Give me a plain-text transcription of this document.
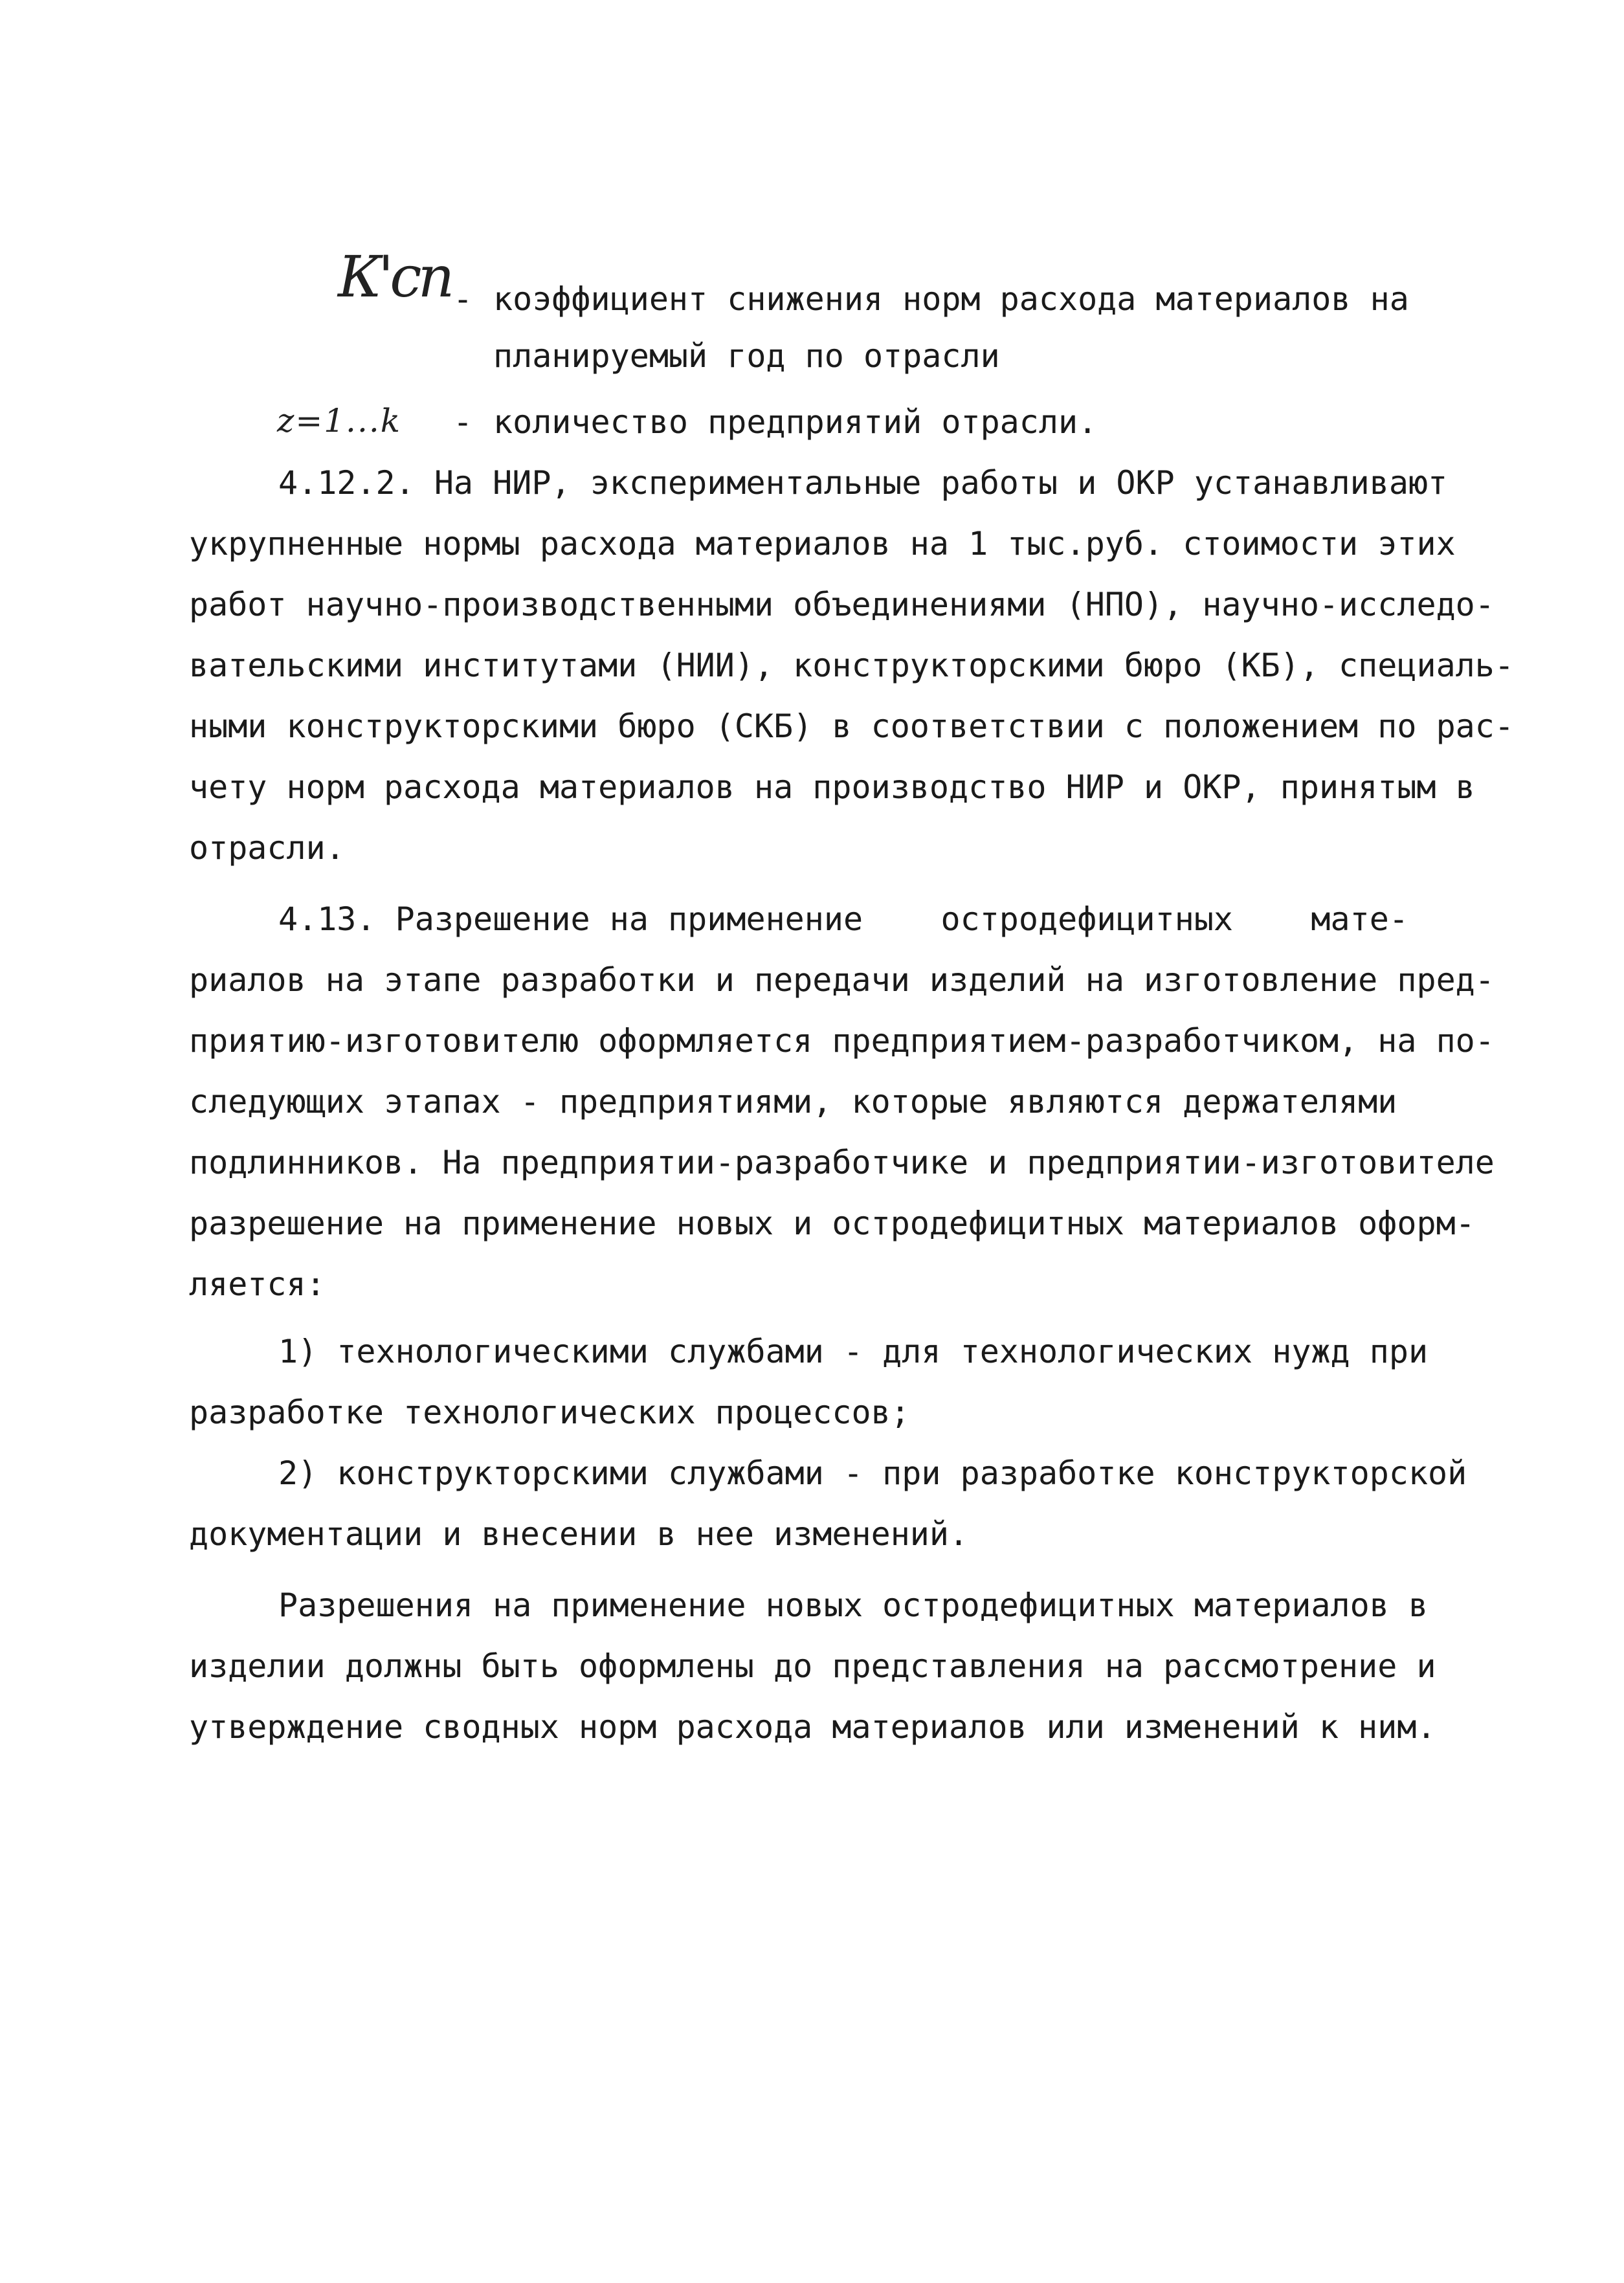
К'сп - коэффициент снижения норм расхода материалов на
планируемый год по отрасли
z=1...k - количество предприятий отрасли.
4.12.2. На НИР, экспериментальные работы и ОКР устанавливают
укрупненные нормы расхода материалов на 1 тыс.руб. стоимости этих
работ научно-производственными объединениями (НПО), научно-исследо-
вательскими институтами (НИИ), конструкторскими бюро (КБ), специаль-
ными конструкторскими бюро (СКБ) в соответствии с положением по рас-
чету норм расхода материалов на производство НИР и ОКР, принятым в
отрасли.
4.13. Разрешение на применение    остродефицитных    мате-
риалов на этапе разработки и передачи изделий на изготовление пред-
приятию-изготовителю оформляется предприятием-разработчиком, на по-
следующих этапах - предприятиями, которые являются держателями
подлинников. На предприятии-разработчике и предприятии-изготовителе
разрешение на применение новых и остродефицитных материалов оформ-
ляется:
1) технологическими службами - для технологических нужд при
разработке технологических процессов;
2) конструкторскими службами - при разработке конструкторской
документации и внесении в нее изменений.
Разрешения на применение новых остродефицитных материалов в
изделии должны быть оформлены до представления на рассмотрение и
утверждение сводных норм расхода материалов или изменений к ним.
